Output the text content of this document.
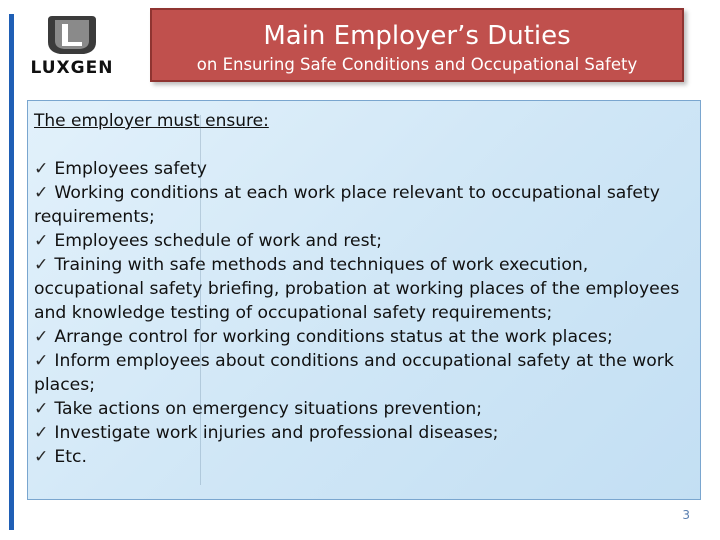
LUXGEN
Main Employer’s Duties
on Ensuring Safe Conditions and Occupational Safety
The employer must ensure:
✓ Employees safety
✓ Working conditions at each work place relevant to occupational safety requirements;
✓ Employees schedule of work and rest;
✓ Training with safe methods and techniques of work execution, occupational safety briefing, probation at working places of the employees and knowledge testing of occupational safety requirements;
✓ Arrange control for working conditions status at the work places;
✓ Inform employees about conditions and occupational safety at the work places;
✓ Take actions on emergency situations prevention;
✓ Investigate work injuries and professional diseases;
✓ Etc.
3
